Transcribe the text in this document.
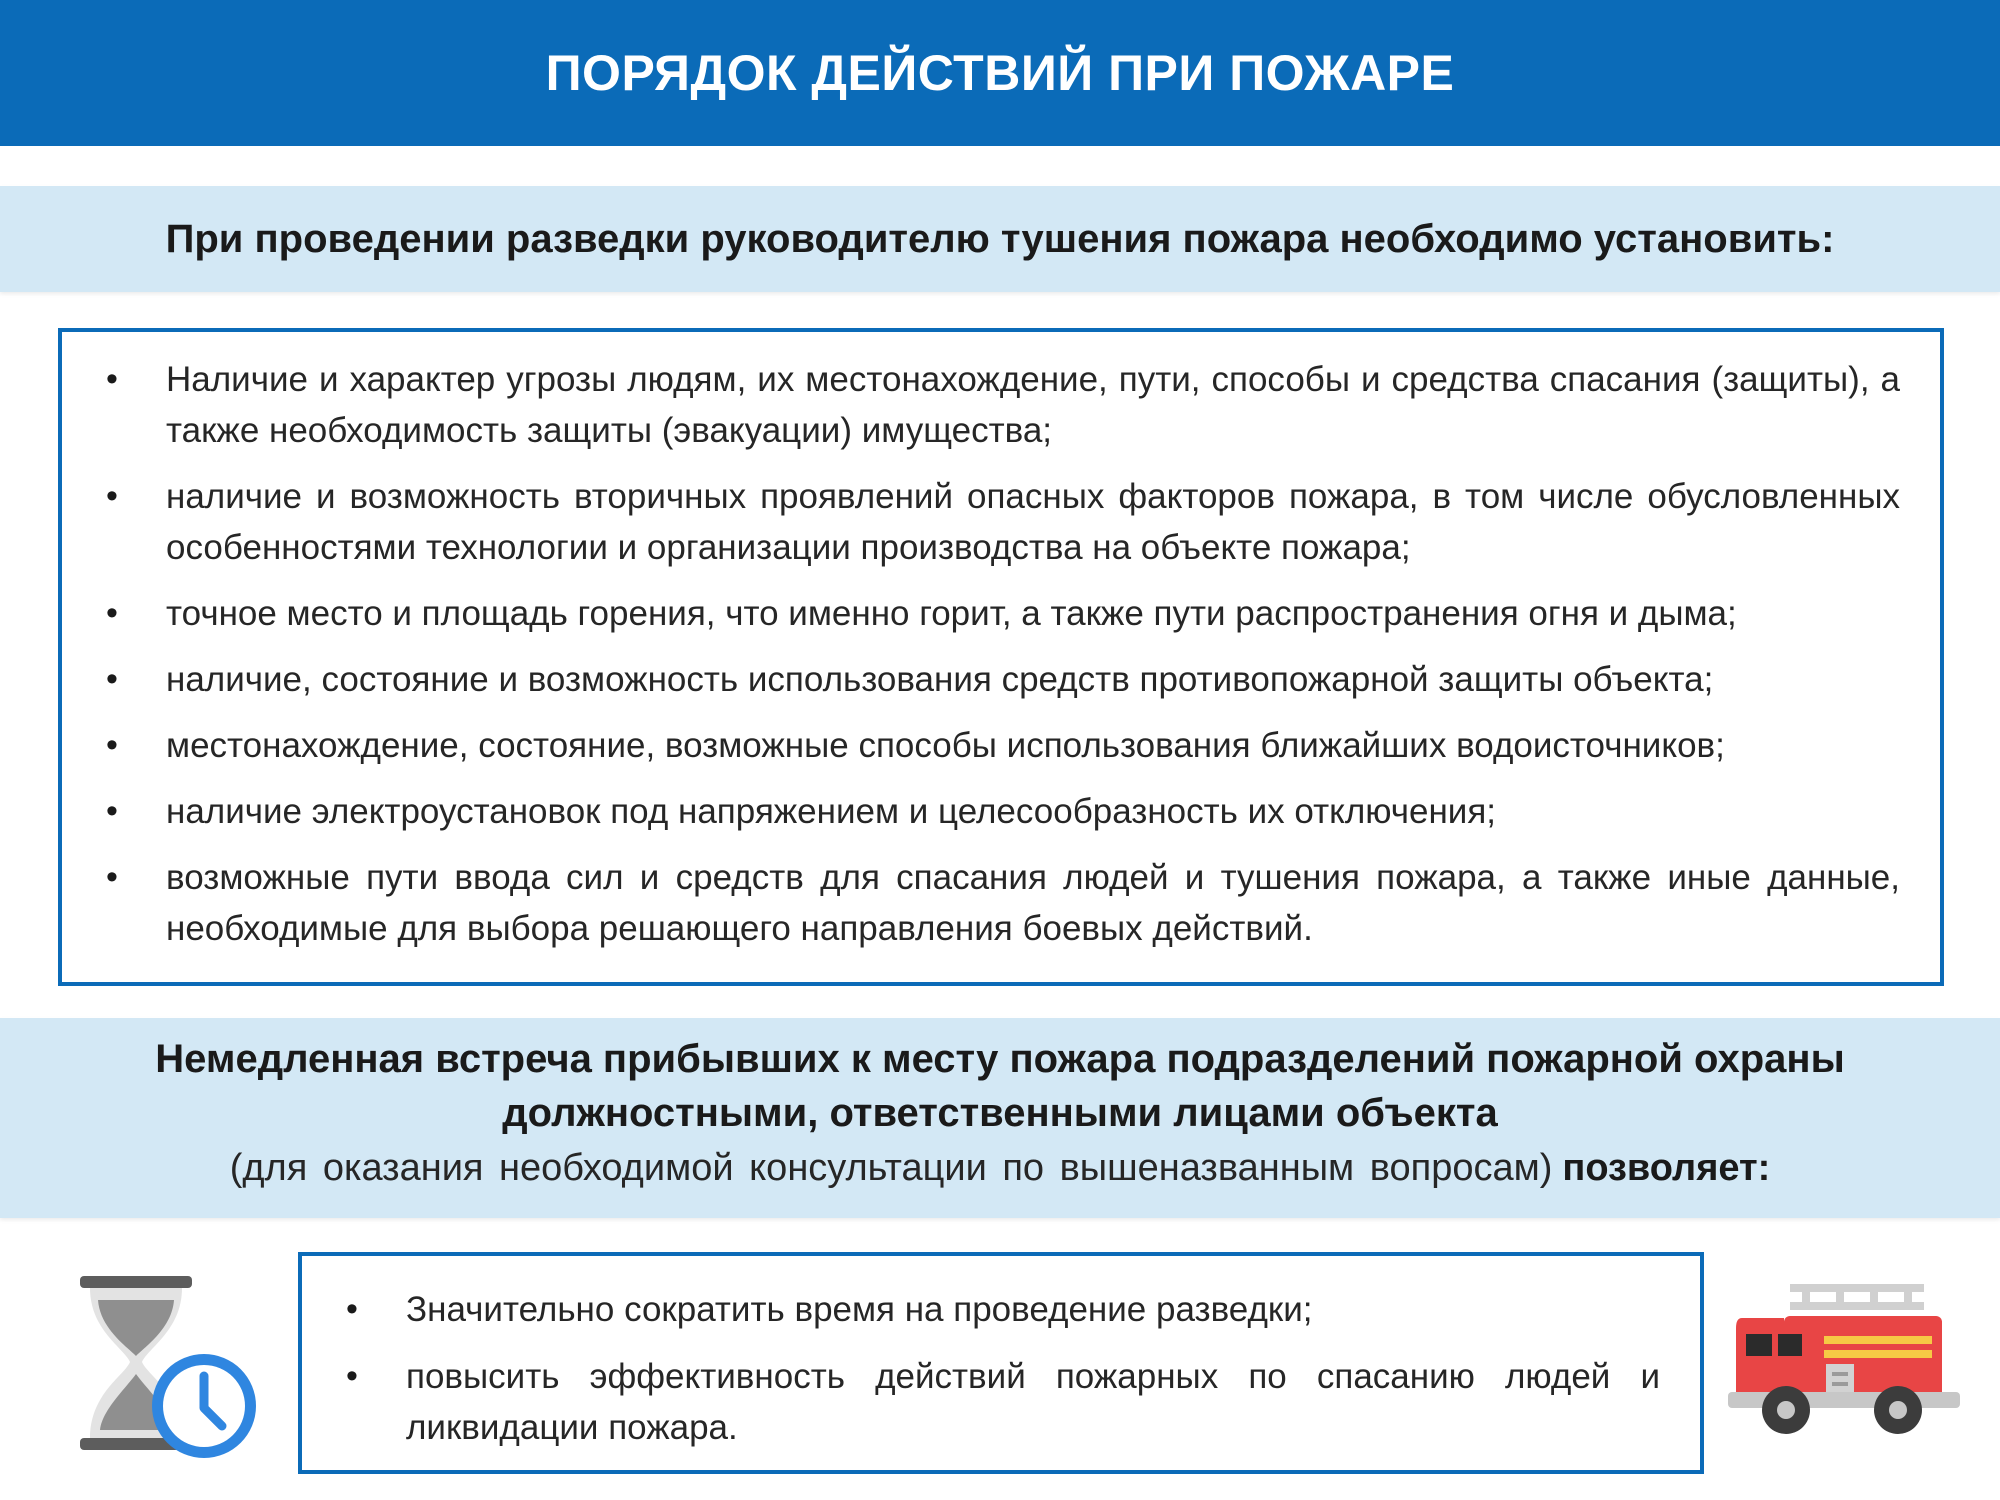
ПОРЯДОК ДЕЙСТВИЙ ПРИ ПОЖАРЕ
При проведении разведки руководителю тушения пожара необходимо установить:
• Наличие и характер угрозы людям, их местонахождение, пути, способы и средства спасания (защиты), а также необходимость защиты (эвакуации) имущества;
• наличие и возможность вторичных проявлений опасных факторов пожара, в том числе обусловленных особенностями технологии и организации производства на объекте пожара;
• точное место и площадь горения, что именно горит, а также пути распространения огня и дыма;
• наличие, состояние и возможность использования средств противопожарной защиты объекта;
• местонахождение, состояние, возможные способы использования ближайших водоисточников;
• наличие электроустановок под напряжением и целесообразность их отключения;
• возможные пути ввода сил и средств для спасания людей и тушения пожара, а также иные данные, необходимые для выбора решающего направления боевых действий.
Немедленная встреча прибывших к месту пожара подразделений пожарной охраны
должностными, ответственными лицами объекта
(для оказания необходимой консультации по вышеназванным вопросам) позволяет:
• Значительно сократить время на проведение разведки;
• повысить эффективность действий пожарных по спасанию людей и ликвидации пожара.
